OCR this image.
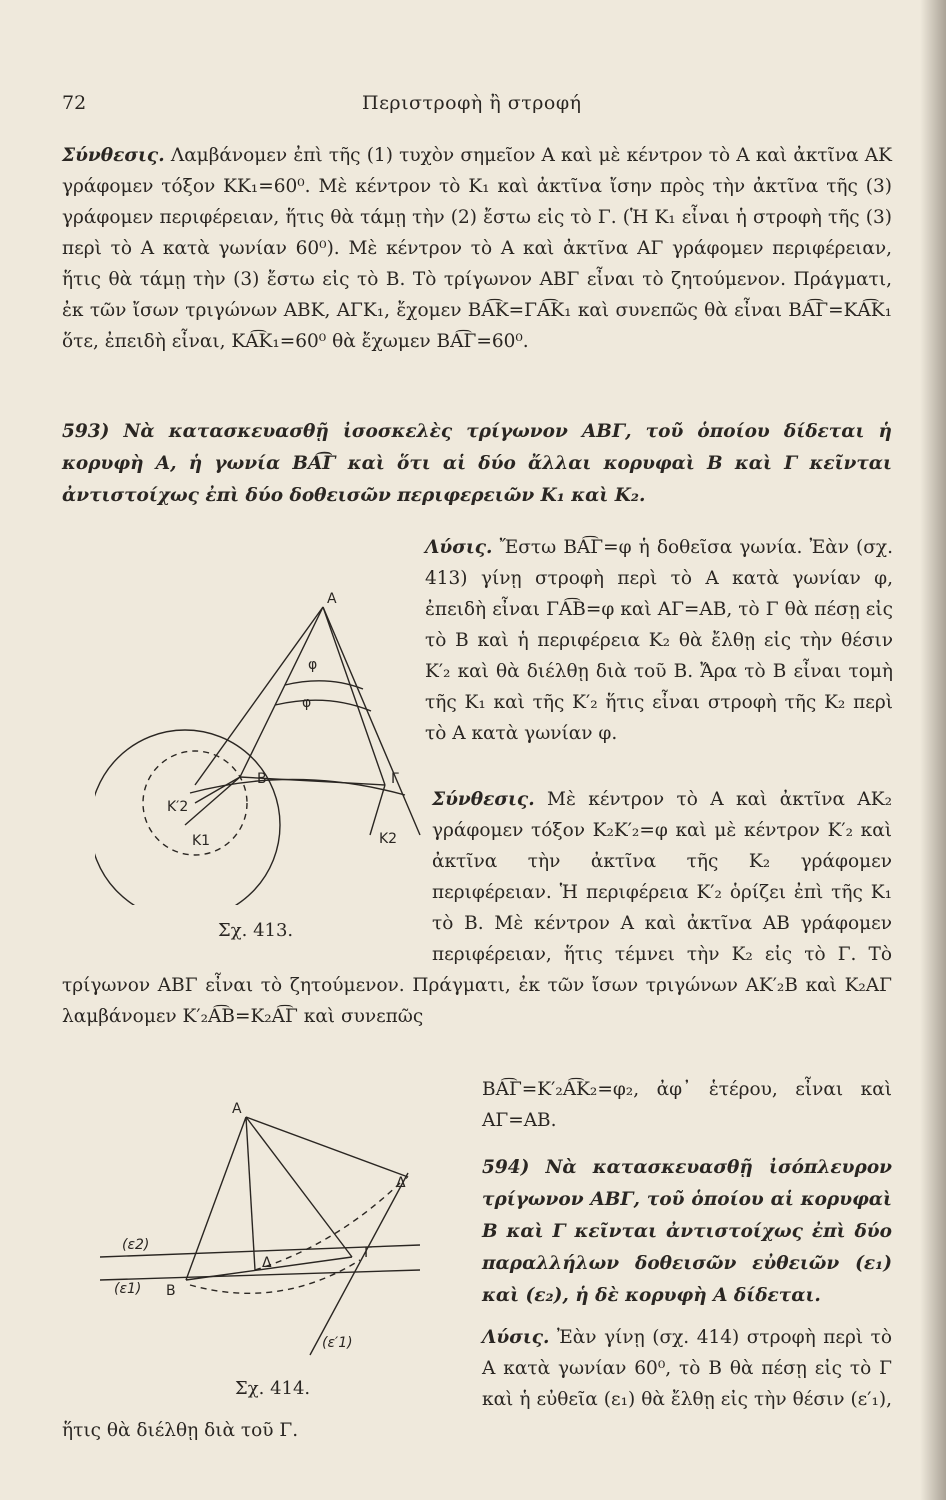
72	Περιστροφὴ ἢ στροφή

Σύνθεσις. Λαμβάνομεν ἐπὶ τῆς (1) τυχὸν σημεῖον Α καὶ μὲ κέντρον τὸ Α καὶ ἀκτῖνα ΑΚ γράφομεν τόξον ΚΚ₁=60⁰. Μὲ κέντρον τὸ Κ₁ καὶ ἀκτῖνα ἴσην πρὸς τὴν ἀκτῖνα τῆς (3) γράφομεν περιφέρειαν, ἥτις θὰ τάμῃ τὴν (2) ἔστω εἰς τὸ Γ. (Ἡ Κ₁ εἶναι ἡ στροφὴ τῆς (3) περὶ τὸ Α κατὰ γωνίαν 60⁰). Μὲ κέντρον τὸ Α καὶ ἀκτῖνα ΑΓ γράφομεν περιφέρειαν, ἥτις θὰ τάμῃ τὴν (3) ἔστω εἰς τὸ Β. Τὸ τρίγωνον ΑΒΓ εἶναι τὸ ζητούμενον. Πράγματι, ἐκ τῶν ἴσων τριγώνων ΑΒΚ, ΑΓΚ₁, ἔχομεν ΒΑ͡Κ=ΓΑ͡Κ₁ καὶ συνεπῶς θὰ εἶναι ΒΑ͡Γ=ΚΑ͡Κ₁ ὅτε, ἐπειδὴ εἶναι, ΚΑ͡Κ₁=60⁰ θὰ ἔχωμεν ΒΑ͡Γ=60⁰.

593) Νὰ κατασκευασθῇ ἰσοσκελὲς τρίγωνον ΑΒΓ, τοῦ ὁποίου δίδεται ἡ κορυφὴ Α, ἡ γωνία ΒΑ͡Γ καὶ ὅτι αἱ δύο ἄλλαι κορυφαὶ Β καὶ Γ κεῖνται ἀντιστοίχως ἐπὶ δύο δοθεισῶν περιφερειῶν Κ₁ καὶ Κ₂.

Λύσις. Ἔστω ΒΑ͡Γ=φ ἡ δοθεῖσα γωνία. Ἐὰν (σχ. 413) γίνῃ στροφὴ περὶ τὸ Α κατὰ γωνίαν φ, ἐπειδὴ εἶναι ΓΑ͡Β=φ καὶ ΑΓ=ΑΒ, τὸ Γ θὰ πέσῃ εἰς τὸ Β καὶ ἡ περιφέρεια Κ₂ θὰ ἔλθῃ εἰς τὴν θέσιν Κ′₂ καὶ θὰ διέλθῃ διὰ τοῦ Β. Ἄρα τὸ Β εἶναι τομὴ τῆς Κ₁ καὶ τῆς Κ′₂ ἥτις εἶναι στροφὴ τῆς Κ₂ περὶ τὸ Α κατὰ γωνίαν φ.

Σύνθεσις. Μὲ κέντρον τὸ Α καὶ ἀκτῖνα ΑΚ₂ γράφομεν τόξον Κ₂Κ′₂=φ καὶ μὲ κέντρον Κ′₂ καὶ ἀκτῖνα τὴν ἀκτῖνα τῆς Κ₂ γράφομεν περιφέρειαν. Ἡ περιφέρεια Κ′₂ ὁρίζει ἐπὶ τῆς Κ₁ τὸ Β. Μὲ κέντρον Α καὶ ἀκτῖνα ΑΒ γράφομεν περιφέρειαν, ἥτις τέμνει τὴν Κ₂ εἰς τὸ Γ. Τὸ τρίγωνον ΑΒΓ εἶναι τὸ ζητούμενον. Πράγματι, ἐκ τῶν ἴσων τριγώνων ΑΚ′₂Β καὶ Κ₂ΑΓ λαμβάνομεν Κ′₂Α͡Β=Κ₂Α͡Γ καὶ συνεπῶς

ΒΑ͡Γ=Κ′₂Α͡Κ₂=φ₂, ἀφ᾽ ἑτέρου, εἶναι καὶ ΑΓ=ΑΒ.

594) Νὰ κατασκευασθῇ ἰσόπλευρον τρίγωνον ΑΒΓ, τοῦ ὁποίου αἱ κορυφαὶ Β καὶ Γ κεῖνται ἀντιστοίχως ἐπὶ δύο παραλλήλων δοθεισῶν εὐθειῶν (ε₁) καὶ (ε₂), ἡ δὲ κορυφὴ Α δίδεται.

Λύσις. Ἐὰν γίνῃ (σχ. 414) στροφὴ περὶ τὸ Α κατὰ γωνίαν 60⁰, τὸ Β θὰ πέσῃ εἰς τὸ Γ καὶ ἡ εὐθεῖα (ε₁) θὰ ἔλθῃ εἰς τὴν θέσιν (ε′₁), ἥτις θὰ διέλθῃ διὰ τοῦ Γ.

A
φ
φ
B	Γ
K′2
K1	K2
Σχ. 413.
A
Δ′
(ε2)
(ε1) B
Δ
Γ
(ε′1)
Σχ. 414.
